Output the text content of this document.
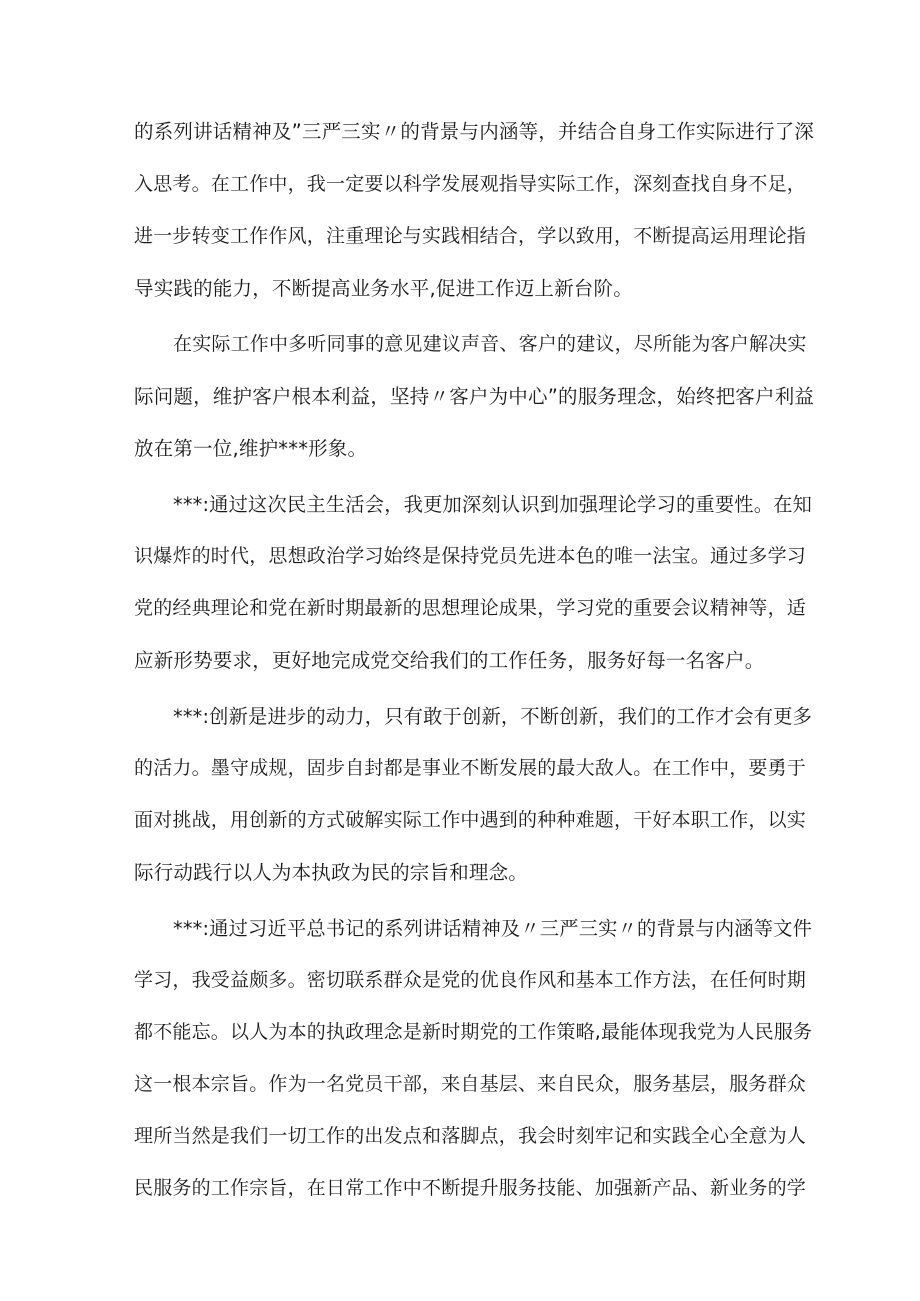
的系列讲话精神及”三严三实〃的背景与内涵等，并结合自身工作实际进行了深
入思考。在工作中，我一定要以科学发展观指导实际工作，深刻查找自身不足，
进一步转变工作作风，注重理论与实践相结合，学以致用，不断提高运用理论指
导实践的能力，不断提高业务水平,促进工作迈上新台阶。
在实际工作中多听同事的意见建议声音、客户的建议，尽所能为客户解决实
际问题，维护客户根本利益，坚持〃客户为中心”的服务理念，始终把客户利益
放在第一位,维护***形象。
***:通过这次民主生活会，我更加深刻认识到加强理论学习的重要性。在知
识爆炸的时代，思想政治学习始终是保持党员先进本色的唯一法宝。通过多学习
党的经典理论和党在新时期最新的思想理论成果，学习党的重要会议精神等，适
应新形势要求，更好地完成党交给我们的工作任务，服务好每一名客户。
***:创新是进步的动力，只有敢于创新，不断创新，我们的工作才会有更多
的活力。墨守成规，固步自封都是事业不断发展的最大敌人。在工作中，要勇于
面对挑战，用创新的方式破解实际工作中遇到的种种难题，干好本职工作，以实
际行动践行以人为本执政为民的宗旨和理念。
***:通过习近平总书记的系列讲话精神及〃三严三实〃的背景与内涵等文件
学习，我受益颇多。密切联系群众是党的优良作风和基本工作方法，在任何时期
都不能忘。以人为本的执政理念是新时期党的工作策略,最能体现我党为人民服务
这一根本宗旨。作为一名党员干部，来自基层、来自民众，服务基层，服务群众
理所当然是我们一切工作的出发点和落脚点，我会时刻牢记和实践全心全意为人
民服务的工作宗旨，在日常工作中不断提升服务技能、加强新产品、新业务的学
